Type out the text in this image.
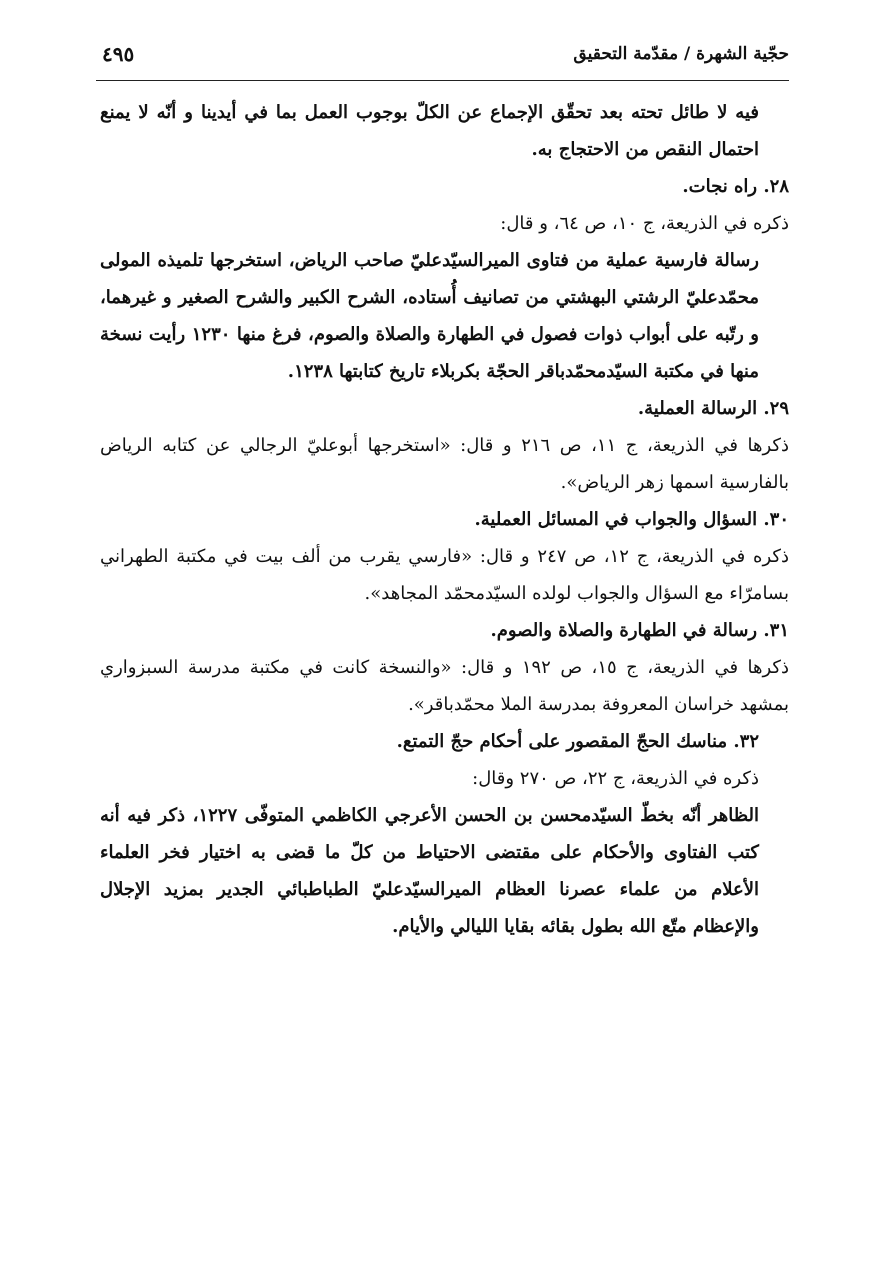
حجّية الشهرة / مقدّمة التحقيق
٤٩٥

فيه لا طائل تحته بعد تحقّق الإجماع عن الكلّ بوجوب العمل بما في أيدينا و أنّه لا يمنع احتمال النقص من الاحتجاج به.

٢٨. راه نجات.

ذكره في الذريعة، ج ١٠، ص ٦٤، و قال:

رسالة فارسية عملية من فتاوى الميرالسيّدعليّ صاحب الرياض، استخرجها تلميذه المولى محمّدعليّ الرشتي البهشتي من تصانيف أُستاده، الشرح الكبير والشرح الصغير و غيرهما، و رتّبه على أبواب ذوات فصول في الطهارة والصلاة والصوم، فرغ منها ١٢٣٠ رأيت نسخة منها في مكتبة السيّدمحمّدباقر الحجّة بكربلاء تاريخ كتابتها ١٢٣٨.

٢٩. الرسالة العملية.

ذكرها في الذريعة، ج ١١، ص ٢١٦ و قال: «استخرجها أبوعليّ الرجالي عن كتابه الرياض بالفارسية اسمها زهر الرياض».

٣٠. السؤال والجواب في المسائل العملية.

ذكره في الذريعة، ج ١٢، ص ٢٤٧ و قال: «فارسي يقرب من ألف بيت في مكتبة الطهراني بسامرّاء مع السؤال والجواب لولده السيّدمحمّد المجاهد».

٣١. رسالة في الطهارة والصلاة والصوم.

ذكرها في الذريعة، ج ١٥، ص ١٩٢ و قال: «والنسخة كانت في مكتبة مدرسة السبزواري بمشهد خراسان المعروفة بمدرسة الملا محمّدباقر».

٣٢. مناسك الحجّ المقصور على أحكام حجّ التمتع.

ذكره في الذريعة، ج ٢٢، ص ٢٧٠ وقال:

الظاهر أنّه بخطّ السيّدمحسن بن الحسن الأعرجي الكاظمي المتوفّى ١٢٢٧، ذكر فيه أنه كتب الفتاوى والأحكام على مقتضى الاحتياط من كلّ ما قضى به اختيار فخر العلماء الأعلام من علماء عصرنا العظام الميرالسيّدعليّ الطباطبائي الجدير بمزيد الإجلال والإعظام متّع الله بطول بقائه بقايا الليالي والأيام.
